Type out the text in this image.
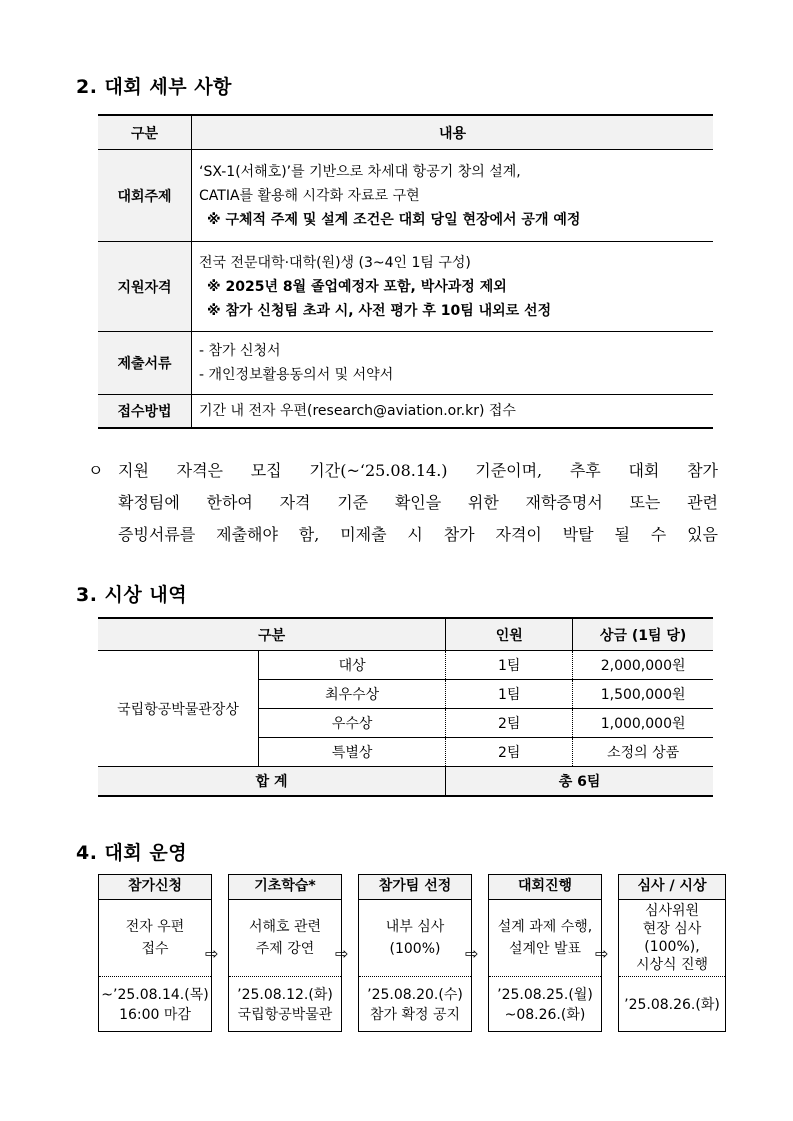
2. 대회 세부 사항
구분	내용
대회주제	‘SX-1(서해호)’를 기반으로 차세대 항공기 창의 설계,
CATIA를 활용해 시각화 자료로 구현
※ 구체적 주제 및 설계 조건은 대회 당일 현장에서 공개 예정

지원자격	전국 전문대학·대학(원)생 (3~4인 1팀 구성)
※ 2025년 8월 졸업예정자 포함, 박사과정 제외
※ 참가 신청팀 초과 시, 사전 평가 후 10팀 내외로 선정

제출서류	- 참가 신청서
- 개인정보활용동의서 및 서약서

접수방법	기간 내 전자 우편(research@aviation.or.kr) 접수
ㅇ 지원 자격은 모집 기간(~‘25.08.14.) 기준이며, 추후 대회 참가
확정팀에 한하여 자격 기준 확인을 위한 재학증명서 또는 관련
증빙서류를 제출해야 함, 미제출 시 참가 자격이 박탈 될 수 있음
3. 시상 내역
구분		인원	상금 (1팀 당)
국립항공박물관장상	대상	1팀	2,000,000원
	최우수상	1팀	1,500,000원
	우수상	2팀	1,000,000원
	특별상	2팀	소정의 상품
합 계		총 6팀	
4. 대회 운영
참가신청
전자 우편
접수
~’25.08.14.(목)
16:00 마감
⇨
기초학습*
서해호 관련
주제 강연
’25.08.12.(화)
국립항공박물관
⇨
참가팀 선정
내부 심사
(100%)
’25.08.20.(수)
참가 확정 공지
⇨
대회진행
설계 과제 수행,
설계안 발표
’25.08.25.(월)
~08.26.(화)
⇨
심사 / 시상
심사위원
현장 심사
(100%),
시상식 진행
’25.08.26.(화)
